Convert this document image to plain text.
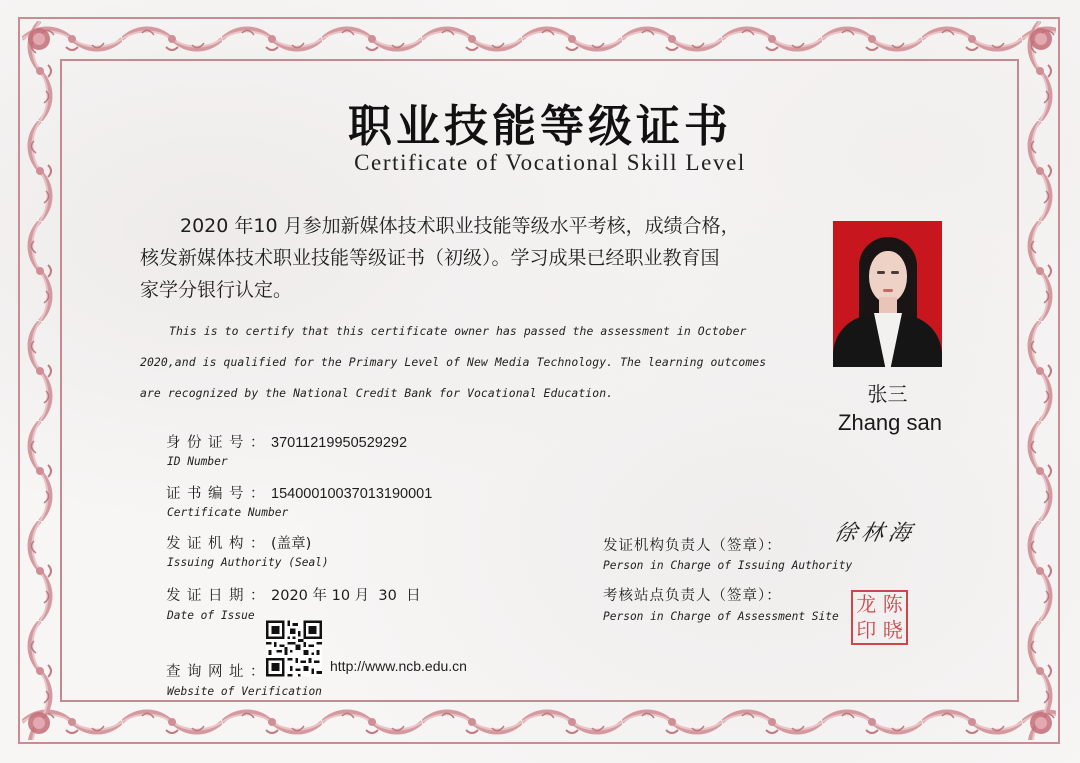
职业技能等级证书
Certificate of Vocational Skill Level
2020 年10 月参加新媒体技术职业技能等级水平考核，成绩合格，
核发新媒体技术职业技能等级证书（初级）。学习成果已经职业教育国
家学分银行认定。
This is to certify that this certificate owner has passed the assessment in October
2020,and is qualified for the Primary Level of New Media Technology. The learning outcomes
are recognized by the National Credit Bank for Vocational Education.	张三
Zhang san
身份证号：37011219950529292
ID Number
证书编号：15400010037013190001
Certificate Number
发证机构：(盖章)
Issuing Authority (Seal)
发证日期：2020 年 10 月  30  日
Date of Issue
查询网址：	http://www.ncb.edu.cn
Website of Verification
发证机构负责人（签章）：
Person in Charge of Issuing Authority
徐林海
考核站点负责人（签章）：
Person in Charge of Assessment Site
龙 陈
印 晓
